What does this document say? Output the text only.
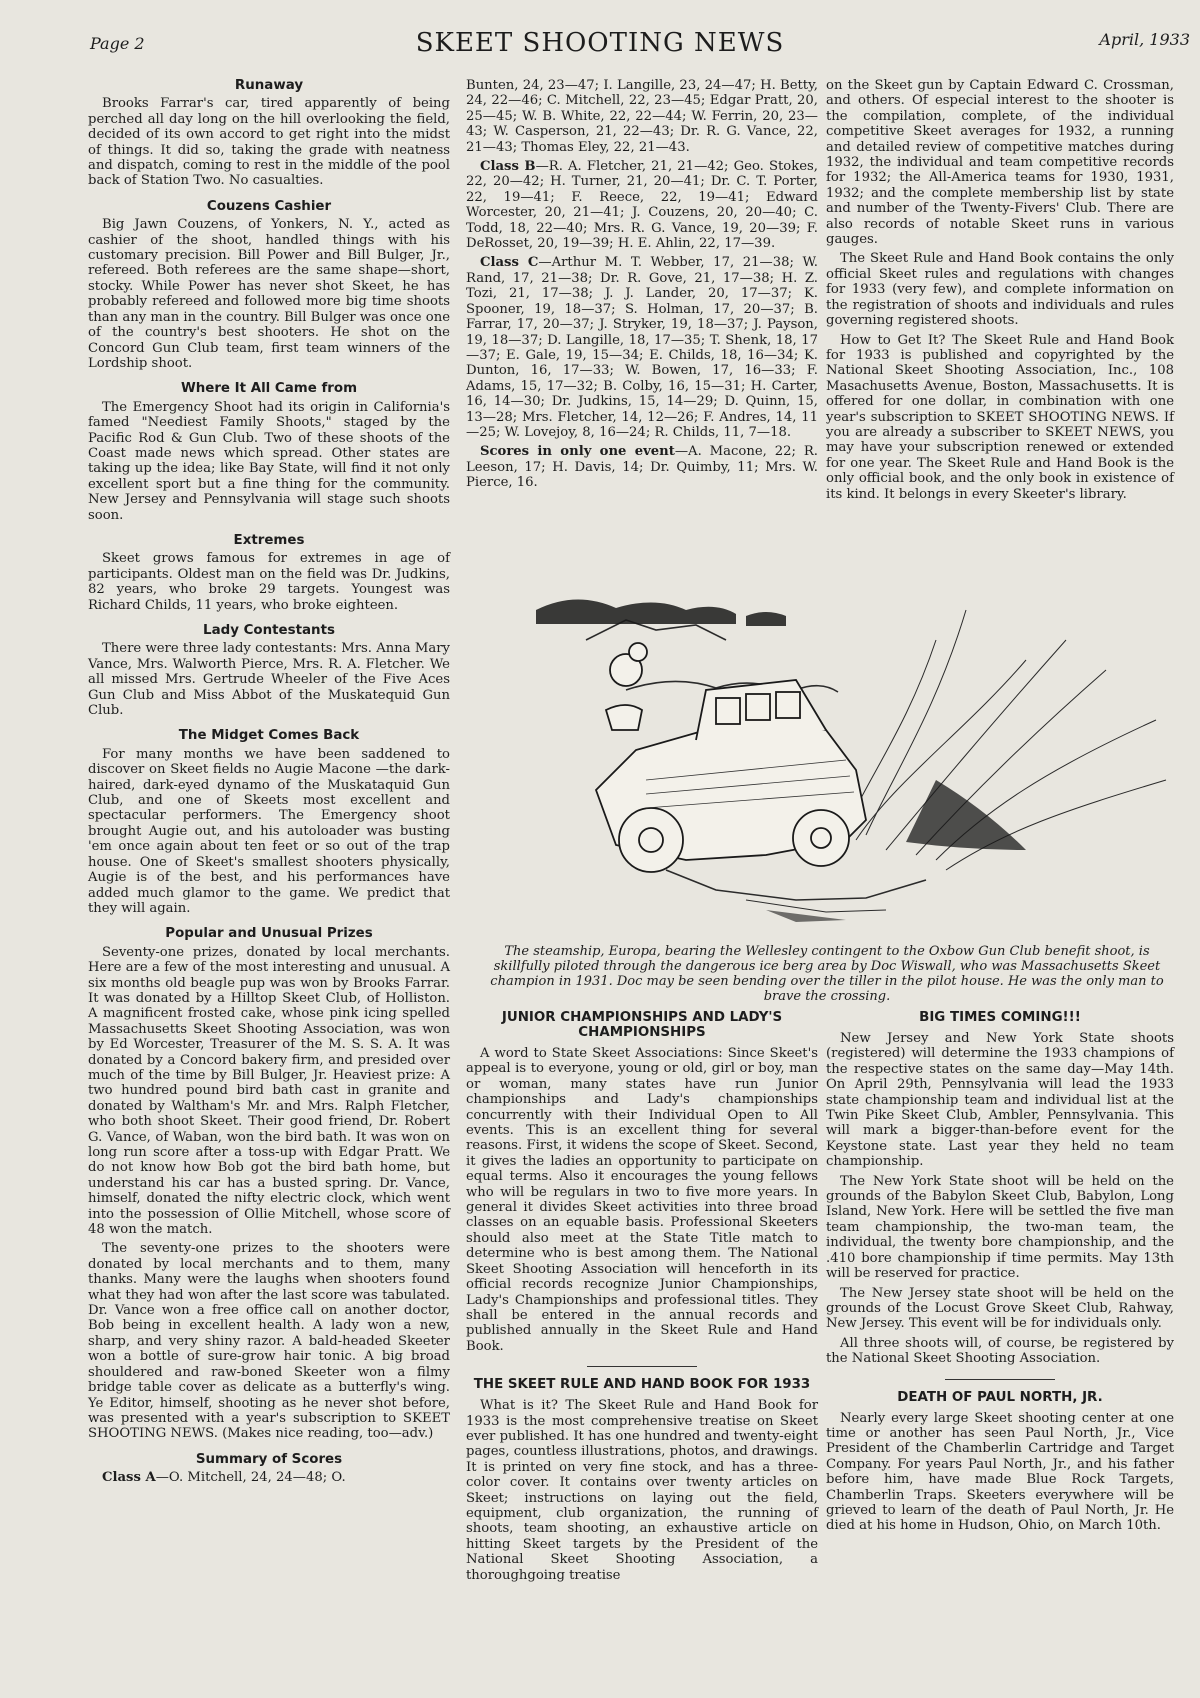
Page 2	SKEET SHOOTING NEWS	April, 1933
Runaway

Brooks Farrar's car, tired apparently of being perched all day long on the hill overlooking the field, decided of its own accord to get right into the midst of things. It did so, taking the grade with neatness and dispatch, coming to rest in the middle of the pool back of Station Two. No casualties.

Couzens Cashier

Big Jawn Couzens, of Yonkers, N. Y., acted as cashier of the shoot, handled things with his customary precision. Bill Power and Bill Bulger, Jr., refereed. Both referees are the same shape—short, stocky. While Power has never shot Skeet, he has probably refereed and followed more big time shoots than any man in the country. Bill Bulger was once one of the country's best shooters. He shot on the Concord Gun Club team, first team winners of the Lordship shoot.

Where It All Came from

The Emergency Shoot had its origin in California's famed "Neediest Family Shoots," staged by the Pacific Rod & Gun Club. Two of these shoots of the Coast made news which spread. Other states are taking up the idea; like Bay State, will find it not only excellent sport but a fine thing for the community. New Jersey and Pennsylvania will stage such shoots soon.

Extremes

Skeet grows famous for extremes in age of participants. Oldest man on the field was Dr. Judkins, 82 years, who broke 29 targets. Youngest was Richard Childs, 11 years, who broke eighteen.

Lady Contestants

There were three lady contestants: Mrs. Anna Mary Vance, Mrs. Walworth Pierce, Mrs. R. A. Fletcher. We all missed Mrs. Gertrude Wheeler of the Five Aces Gun Club and Miss Abbot of the Muskatequid Gun Club.

The Midget Comes Back

For many months we have been saddened to discover on Skeet fields no Augie Macone —the dark-haired, dark-eyed dynamo of the Muskataquid Gun Club, and one of Skeets most excellent and spectacular performers. The Emergency shoot brought Augie out, and his autoloader was busting 'em once again about ten feet or so out of the trap house. One of Skeet's smallest shooters physically, Augie is of the best, and his performances have added much glamor to the game. We predict that they will again.

Popular and Unusual Prizes

Seventy-one prizes, donated by local merchants. Here are a few of the most interesting and unusual. A six months old beagle pup was won by Brooks Farrar. It was donated by a Hilltop Skeet Club, of Holliston. A magnificent frosted cake, whose pink icing spelled Massachusetts Skeet Shooting Association, was won by Ed Worcester, Treasurer of the M. S. S. A. It was donated by a Concord bakery firm, and presided over much of the time by Bill Bulger, Jr. Heaviest prize: A two hundred pound bird bath cast in granite and donated by Waltham's Mr. and Mrs. Ralph Fletcher, who both shoot Skeet. Their good friend, Dr. Robert G. Vance, of Waban, won the bird bath. It was won on long run score after a toss-up with Edgar Pratt. We do not know how Bob got the bird bath home, but understand his car has a busted spring. Dr. Vance, himself, donated the nifty electric clock, which went into the possession of Ollie Mitchell, whose score of 48 won the match.

The seventy-one prizes to the shooters were donated by local merchants and to them, many thanks. Many were the laughs when shooters found what they had won after the last score was tabulated. Dr. Vance won a free office call on another doctor, Bob being in excellent health. A lady won a new, sharp, and very shiny razor. A bald-headed Skeeter won a bottle of sure-grow hair tonic. A big broad shouldered and raw-boned Skeeter won a filmy bridge table cover as delicate as a butterfly's wing. Ye Editor, himself, shooting as he never shot before, was presented with a year's subscription to SKEET SHOOTING NEWS. (Makes nice reading, too—adv.)

Summary of Scores

Class A—O. Mitchell, 24, 24—48; O.

Bunten, 24, 23—47; I. Langille, 23, 24—47; H. Betty, 24, 22—46; C. Mitchell, 22, 23—45; Edgar Pratt, 20, 25—45; W. B. White, 22, 22—44; W. Ferrin, 20, 23—43; W. Casperson, 21, 22—43; Dr. R. G. Vance, 22, 21—43; Thomas Eley, 22, 21—43.

Class B—R. A. Fletcher, 21, 21—42; Geo. Stokes, 22, 20—42; H. Turner, 21, 20—41; Dr. C. T. Porter, 22, 19—41; F. Reece, 22, 19—41; Edward Worcester, 20, 21—41; J. Couzens, 20, 20—40; C. Todd, 18, 22—40; Mrs. R. G. Vance, 19, 20—39; F. DeRosset, 20, 19—39; H. E. Ahlin, 22, 17—39.

Class C—Arthur M. T. Webber, 17, 21—38; W. Rand, 17, 21—38; Dr. R. Gove, 21, 17—38; H. Z. Tozi, 21, 17—38; J. J. Lander, 20, 17—37; K. Spooner, 19, 18—37; S. Holman, 17, 20—37; B. Farrar, 17, 20—37; J. Stryker, 19, 18—37; J. Payson, 19, 18—37; D. Langille, 18, 17—35; T. Shenk, 18, 17—37; E. Gale, 19, 15—34; E. Childs, 18, 16—34; K. Dunton, 16, 17—33; W. Bowen, 17, 16—33; F. Adams, 15, 17—32; B. Colby, 16, 15—31; H. Carter, 16, 14—30; Dr. Judkins, 15, 14—29; D. Quinn, 15, 13—28; Mrs. Fletcher, 14, 12—26; F. Andres, 14, 11—25; W. Lovejoy, 8, 16—24; R. Childs, 11, 7—18.

Scores in only one event—A. Macone, 22; R. Leeson, 17; H. Davis, 14; Dr. Quimby, 11; Mrs. W. Pierce, 16.

on the Skeet gun by Captain Edward C. Crossman, and others. Of especial interest to the shooter is the compilation, complete, of the individual competitive Skeet averages for 1932, a running and detailed review of competitive matches during 1932, the individual and team competitive records for 1932; the All-America teams for 1930, 1931, 1932; and the complete membership list by state and number of the Twenty-Fivers' Club. There are also records of notable Skeet runs in various gauges.

The Skeet Rule and Hand Book contains the only official Skeet rules and regulations with changes for 1933 (very few), and complete information on the registration of shoots and individuals and rules governing registered shoots.

How to Get It? The Skeet Rule and Hand Book for 1933 is published and copyrighted by the National Skeet Shooting Association, Inc., 108 Masachusetts Avenue, Boston, Massachusetts. It is offered for one dollar, in combination with one year's subscription to SKEET SHOOTING NEWS. If you are already a subscriber to SKEET NEWS, you may have your subscription renewed or extended for one year. The Skeet Rule and Hand Book is the only official book, and the only book in existence of its kind. It belongs in every Skeeter's library.

The steamship, Europa, bearing the Wellesley contingent to the Oxbow Gun Club benefit shoot, is skillfully piloted through the dangerous ice berg area by Doc Wiswall, who was Massachusetts Skeet champion in 1931. Doc may be seen bending over the tiller in the pilot house. He was the only man to brave the crossing.
JUNIOR CHAMPIONSHIPS AND LADY'S CHAMPIONSHIPS

A word to State Skeet Associations: Since Skeet's appeal is to everyone, young or old, girl or boy, man or woman, many states have run Junior championships and Lady's championships concurrently with their Individual Open to All events. This is an excellent thing for several reasons. First, it widens the scope of Skeet. Second, it gives the ladies an opportunity to participate on equal terms. Also it encourages the young fellows who will be regulars in two to five more years. In general it divides Skeet activities into three broad classes on an equable basis. Professional Skeeters should also meet at the State Title match to determine who is best among them. The National Skeet Shooting Association will henceforth in its official records recognize Junior Championships, Lady's Championships and professional titles. They shall be entered in the annual records and published annually in the Skeet Rule and Hand Book.

THE SKEET RULE AND HAND BOOK FOR 1933

What is it? The Skeet Rule and Hand Book for 1933 is the most comprehensive treatise on Skeet ever published. It has one hundred and twenty-eight pages, countless illustrations, photos, and drawings. It is printed on very fine stock, and has a three-color cover. It contains over twenty articles on Skeet; instructions on laying out the field, equipment, club organization, the running of shoots, team shooting, an exhaustive article on hitting Skeet targets by the President of the National Skeet Shooting Association, a thoroughgoing treatise

BIG TIMES COMING!!!

New Jersey and New York State shoots (registered) will determine the 1933 champions of the respective states on the same day—May 14th. On April 29th, Pennsylvania will lead the 1933 state championship team and individual list at the Twin Pike Skeet Club, Ambler, Pennsylvania. This will mark a bigger-than-before event for the Keystone state. Last year they held no team championship.

The New York State shoot will be held on the grounds of the Babylon Skeet Club, Babylon, Long Island, New York. Here will be settled the five man team championship, the two-man team, the individual, the twenty bore championship, and the .410 bore championship if time permits. May 13th will be reserved for practice.

The New Jersey state shoot will be held on the grounds of the Locust Grove Skeet Club, Rahway, New Jersey. This event will be for individuals only.

All three shoots will, of course, be registered by the National Skeet Shooting Association.

DEATH OF PAUL NORTH, JR.

Nearly every large Skeet shooting center at one time or another has seen Paul North, Jr., Vice President of the Chamberlin Cartridge and Target Company. For years Paul North, Jr., and his father before him, have made Blue Rock Targets, Chamberlin Traps. Skeeters everywhere will be grieved to learn of the death of Paul North, Jr. He died at his home in Hudson, Ohio, on March 10th.
